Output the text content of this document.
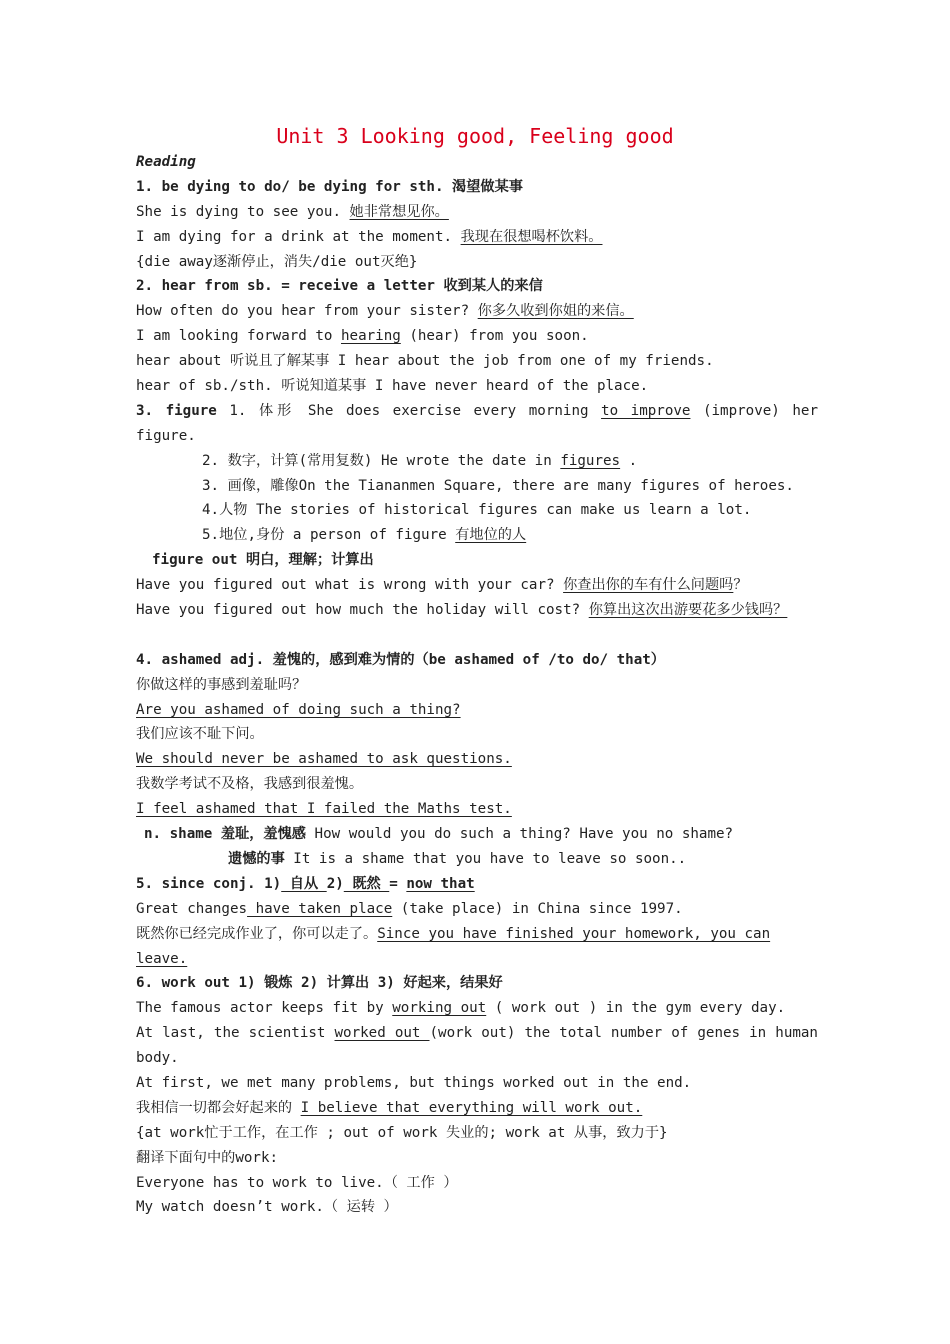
Unit 3 Looking good, Feeling good
Reading
1. be dying to do/ be dying for sth. 渴望做某事
She is dying to see you. 她非常想见你。
I am dying for a drink at the moment. 我现在很想喝杯饮料。
{die away逐渐停止，消失/die out灭绝}
2. hear from sb. = receive a letter 收到某人的来信
How often do you hear from your sister? 你多久收到你姐的来信。
I am looking forward to hearing (hear) from you soon.
hear about 听说且了解某事 I hear about the job from one of my friends.
hear of sb./sth. 听说知道某事 I have never heard of the place.
3. figure 1. 体形 She does exercise every morning to improve (improve) her
figure.
2. 数字，计算(常用复数) He wrote the date in figures .
3. 画像，雕像On the Tiananmen Square, there are many figures of heroes.
4.人物 The stories of historical figures can make us learn a lot.
5.地位,身份 a person of figure 有地位的人
figure out 明白，理解；计算出
Have you figured out what is wrong with your car? 你查出你的车有什么问题吗？
Have you figured out how much the holiday will cost? 你算出这次出游要花多少钱吗？
4. ashamed adj. 羞愧的，感到难为情的（be ashamed of /to do/ that）
你做这样的事感到羞耻吗？
Are you ashamed of doing such a thing?
我们应该不耻下问。
We should never be ashamed to ask questions.
我数学考试不及格，我感到很羞愧。
I feel ashamed that I failed the Maths test.
n. shame 羞耻，羞愧感 How would you do such a thing? Have you no shame?
遗憾的事 It is a shame that you have to leave so soon..
5. since conj. 1) 自从 2) 既然 = now that
Great changes have taken place (take place) in China since 1997.
既然你已经完成作业了，你可以走了。Since you have finished your homework, you can
leave.
6. work out 1) 锻炼 2) 计算出 3) 好起来，结果好
The famous actor keeps fit by working out ( work out ) in the gym every day.
At last, the scientist worked out (work out) the total number of genes in human
body.
At first, we met many problems, but things worked out in the end.
我相信一切都会好起来的 I believe that everything will work out.
{at work忙于工作，在工作 ; out of work 失业的; work at 从事，致力于}
翻译下面句中的work:
Everyone has to work to live.（ 工作 ）
My watch doesn’t work.（ 运转 ）
